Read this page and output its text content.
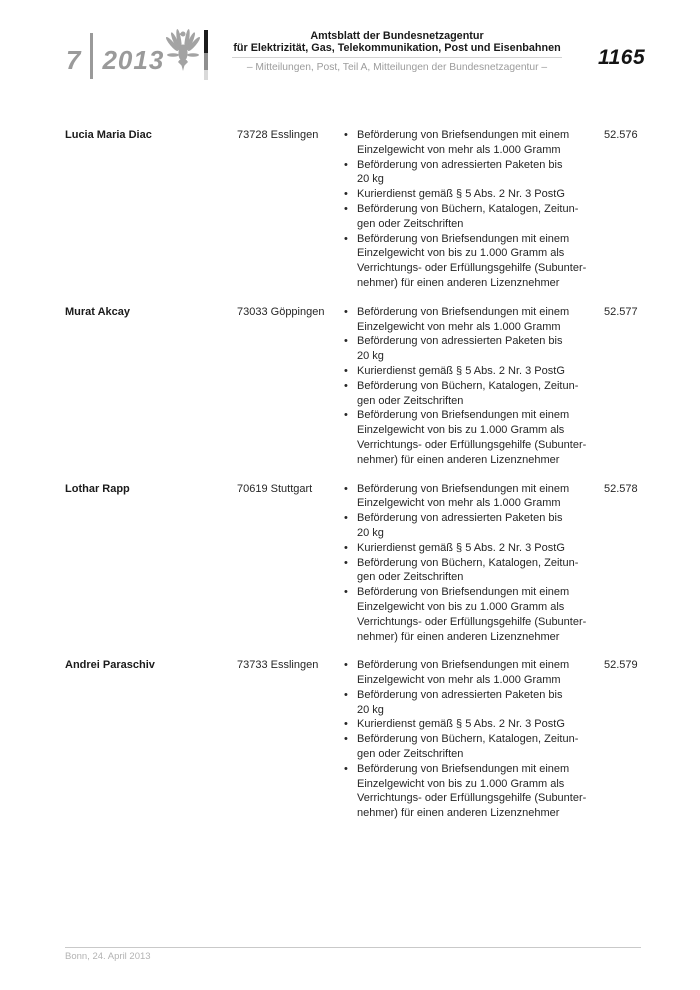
7 2013
Amtsblatt der Bundesnetzagentur
für Elektrizität, Gas, Telekommunikation, Post und Eisenbahnen
– Mitteilungen, Post, Teil A, Mitteilungen der Bundesnetzagentur –	1165
Lucia Maria Diac	73728 Esslingen	• Beförderung von Briefsendungen mit einem
Einzelgewicht von mehr als 1.000 Gramm
• Beförderung von adressierten Paketen bis
20 kg
• Kurierdienst gemäß § 5 Abs. 2 Nr. 3 PostG
• Beförderung von Büchern, Katalogen, Zeitun-
gen oder Zeitschriften
• Beförderung von Briefsendungen mit einem
Einzelgewicht von bis zu 1.000 Gramm als
Verrichtungs- oder Erfüllungsgehilfe (Subunter-
nehmer) für einen anderen Lizenznehmer
52.576
Murat Akcay	73033 Göppingen	• Beförderung von Briefsendungen mit einem
Einzelgewicht von mehr als 1.000 Gramm
• Beförderung von adressierten Paketen bis
20 kg
• Kurierdienst gemäß § 5 Abs. 2 Nr. 3 PostG
• Beförderung von Büchern, Katalogen, Zeitun-
gen oder Zeitschriften
• Beförderung von Briefsendungen mit einem
Einzelgewicht von bis zu 1.000 Gramm als
Verrichtungs- oder Erfüllungsgehilfe (Subunter-
nehmer) für einen anderen Lizenznehmer
52.577
Lothar Rapp	70619 Stuttgart	• Beförderung von Briefsendungen mit einem
Einzelgewicht von mehr als 1.000 Gramm
• Beförderung von adressierten Paketen bis
20 kg
• Kurierdienst gemäß § 5 Abs. 2 Nr. 3 PostG
• Beförderung von Büchern, Katalogen, Zeitun-
gen oder Zeitschriften
• Beförderung von Briefsendungen mit einem
Einzelgewicht von bis zu 1.000 Gramm als
Verrichtungs- oder Erfüllungsgehilfe (Subunter-
nehmer) für einen anderen Lizenznehmer
52.578
Andrei Paraschiv	73733 Esslingen	• Beförderung von Briefsendungen mit einem
Einzelgewicht von mehr als 1.000 Gramm
• Beförderung von adressierten Paketen bis
20 kg
• Kurierdienst gemäß § 5 Abs. 2 Nr. 3 PostG
• Beförderung von Büchern, Katalogen, Zeitun-
gen oder Zeitschriften
• Beförderung von Briefsendungen mit einem
Einzelgewicht von bis zu 1.000 Gramm als
Verrichtungs- oder Erfüllungsgehilfe (Subunter-
nehmer) für einen anderen Lizenznehmer
52.579
Bonn, 24. April 2013
